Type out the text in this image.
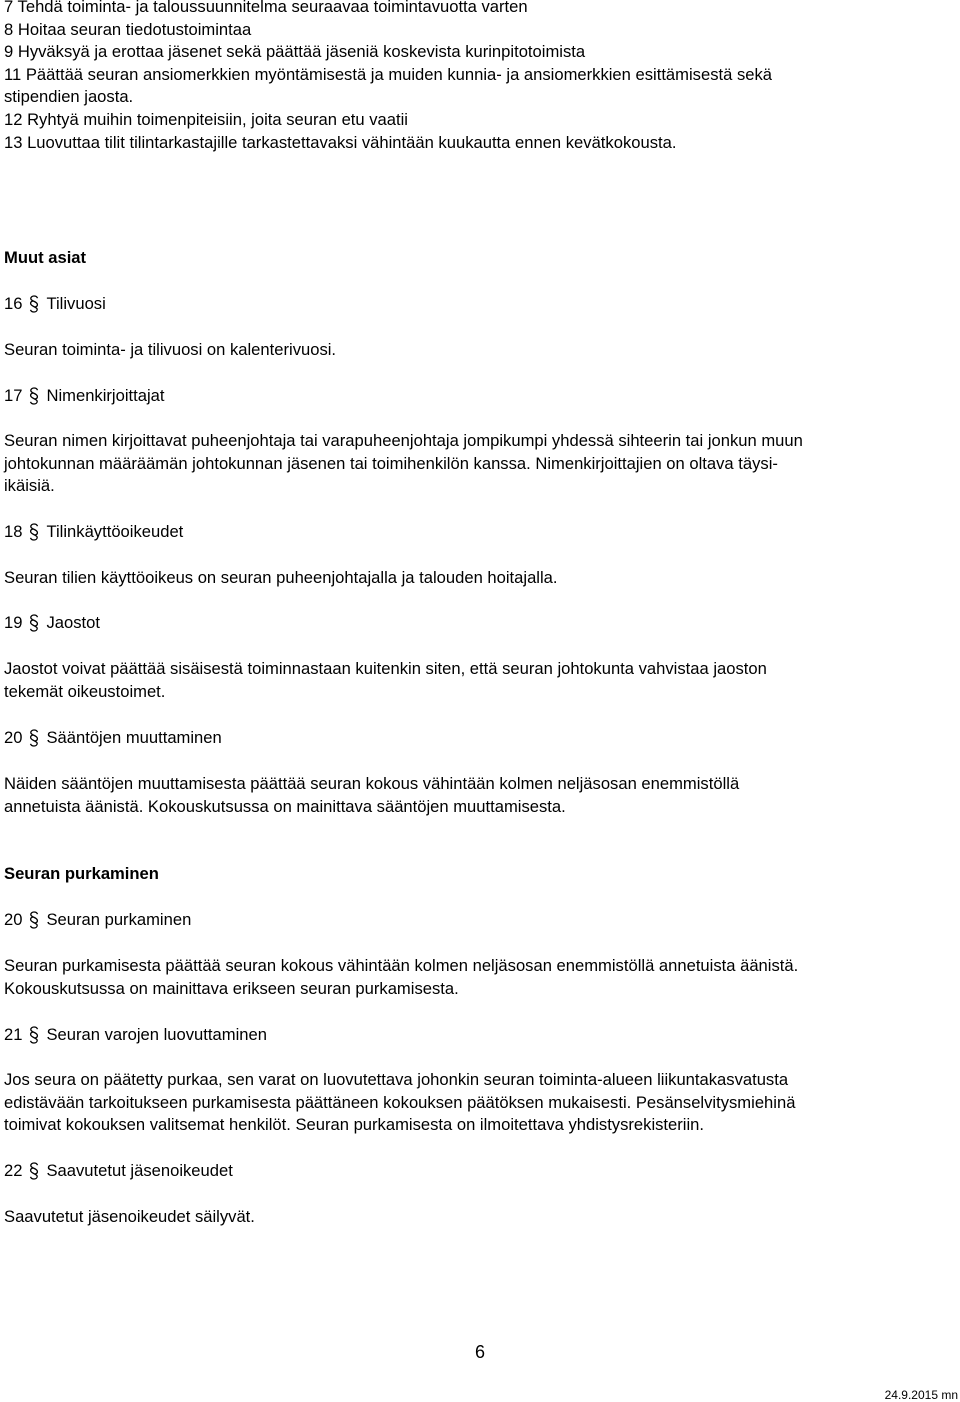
7 Tehdä toiminta- ja taloussuunnitelma seuraavaa toimintavuotta varten

8 Hoitaa seuran tiedotustoimintaa

9 Hyväksyä ja erottaa jäsenet sekä päättää jäseniä koskevista kurinpitotoimista

11 Päättää seuran ansiomerkkien myöntämisestä ja muiden kunnia- ja ansiomerkkien esittämisestä sekä

stipendien jaosta.

12 Ryhtyä muihin toimenpiteisiin, joita seuran etu vaatii

13 Luovuttaa tilit tilintarkastajille tarkastettavaksi vähintään kuukautta ennen kevätkokousta.

Muut asiat

16 Tilivuosi

Seuran toiminta- ja tilivuosi on kalenterivuosi.

17 Nimenkirjoittajat

Seuran nimen kirjoittavat puheenjohtaja tai varapuheenjohtaja jompikumpi yhdessä sihteerin tai jonkun muun

johtokunnan määräämän johtokunnan jäsenen tai toimihenkilön kanssa. Nimenkirjoittajien on oltava täysi-

ikäisiä.

18 Tilinkäyttöoikeudet

Seuran tilien käyttöoikeus on seuran puheenjohtajalla ja talouden hoitajalla.

19 Jaostot

Jaostot voivat päättää sisäisestä toiminnastaan kuitenkin siten, että seuran johtokunta vahvistaa jaoston

tekemät oikeustoimet.

20 Sääntöjen muuttaminen

Näiden sääntöjen muuttamisesta päättää seuran kokous vähintään kolmen neljäsosan enemmistöllä

annetuista äänistä. Kokouskutsussa on mainittava sääntöjen muuttamisesta.

Seuran purkaminen

20 Seuran purkaminen

Seuran purkamisesta päättää seuran kokous vähintään kolmen neljäsosan enemmistöllä annetuista äänistä.

Kokouskutsussa on mainittava erikseen seuran purkamisesta.

21 Seuran varojen luovuttaminen

Jos seura on päätetty purkaa, sen varat on luovutettava johonkin seuran toiminta-alueen liikuntakasvatusta

edistävään tarkoitukseen purkamisesta päättäneen kokouksen päätöksen mukaisesti. Pesänselvitysmiehinä

toimivat kokouksen valitsemat henkilöt. Seuran purkamisesta on ilmoitettava yhdistysrekisteriin.

22 Saavutetut jäsenoikeudet

Saavutetut jäsenoikeudet säilyvät.

6
24.9.2015 mn
